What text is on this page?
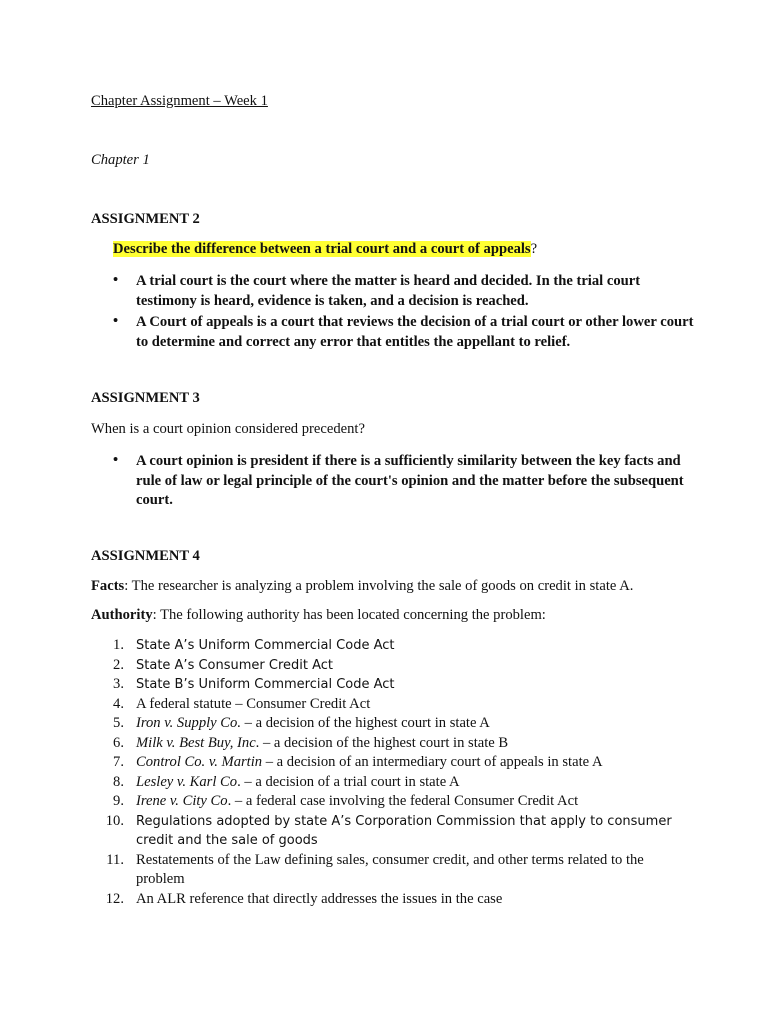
Chapter Assignment – Week 1
Chapter 1
ASSIGNMENT 2
Describe the difference between a trial court and a court of appeals?
• A trial court is the court where the matter is heard and decided. In the trial court testimony is heard, evidence is taken, and a decision is reached.
• A Court of appeals is a court that reviews the decision of a trial court or other lower court to determine and correct any error that entitles the appellant to relief.
ASSIGNMENT 3
When is a court opinion considered precedent?
• A court opinion is president if there is a sufficiently similarity between the key facts and rule of law or legal principle of the court's opinion and the matter before the subsequent court.
ASSIGNMENT 4
Facts: The researcher is analyzing a problem involving the sale of goods on credit in state A.
Authority: The following authority has been located concerning the problem:
1. State A’s Uniform Commercial Code Act
2. State A’s Consumer Credit Act
3. State B’s Uniform Commercial Code Act
4. A federal statute – Consumer Credit Act
5. Iron v. Supply Co. – a decision of the highest court in state A
6. Milk v. Best Buy, Inc. – a decision of the highest court in state B
7. Control Co. v. Martin – a decision of an intermediary court of appeals in state A
8. Lesley v. Karl Co. – a decision of a trial court in state A
9. Irene v. City Co. – a federal case involving the federal Consumer Credit Act
10. Regulations adopted by state A’s Corporation Commission that apply to consumer credit and the sale of goods
11. Restatements of the Law defining sales, consumer credit, and other terms related to the problem
12. An ALR reference that directly addresses the issues in the case
